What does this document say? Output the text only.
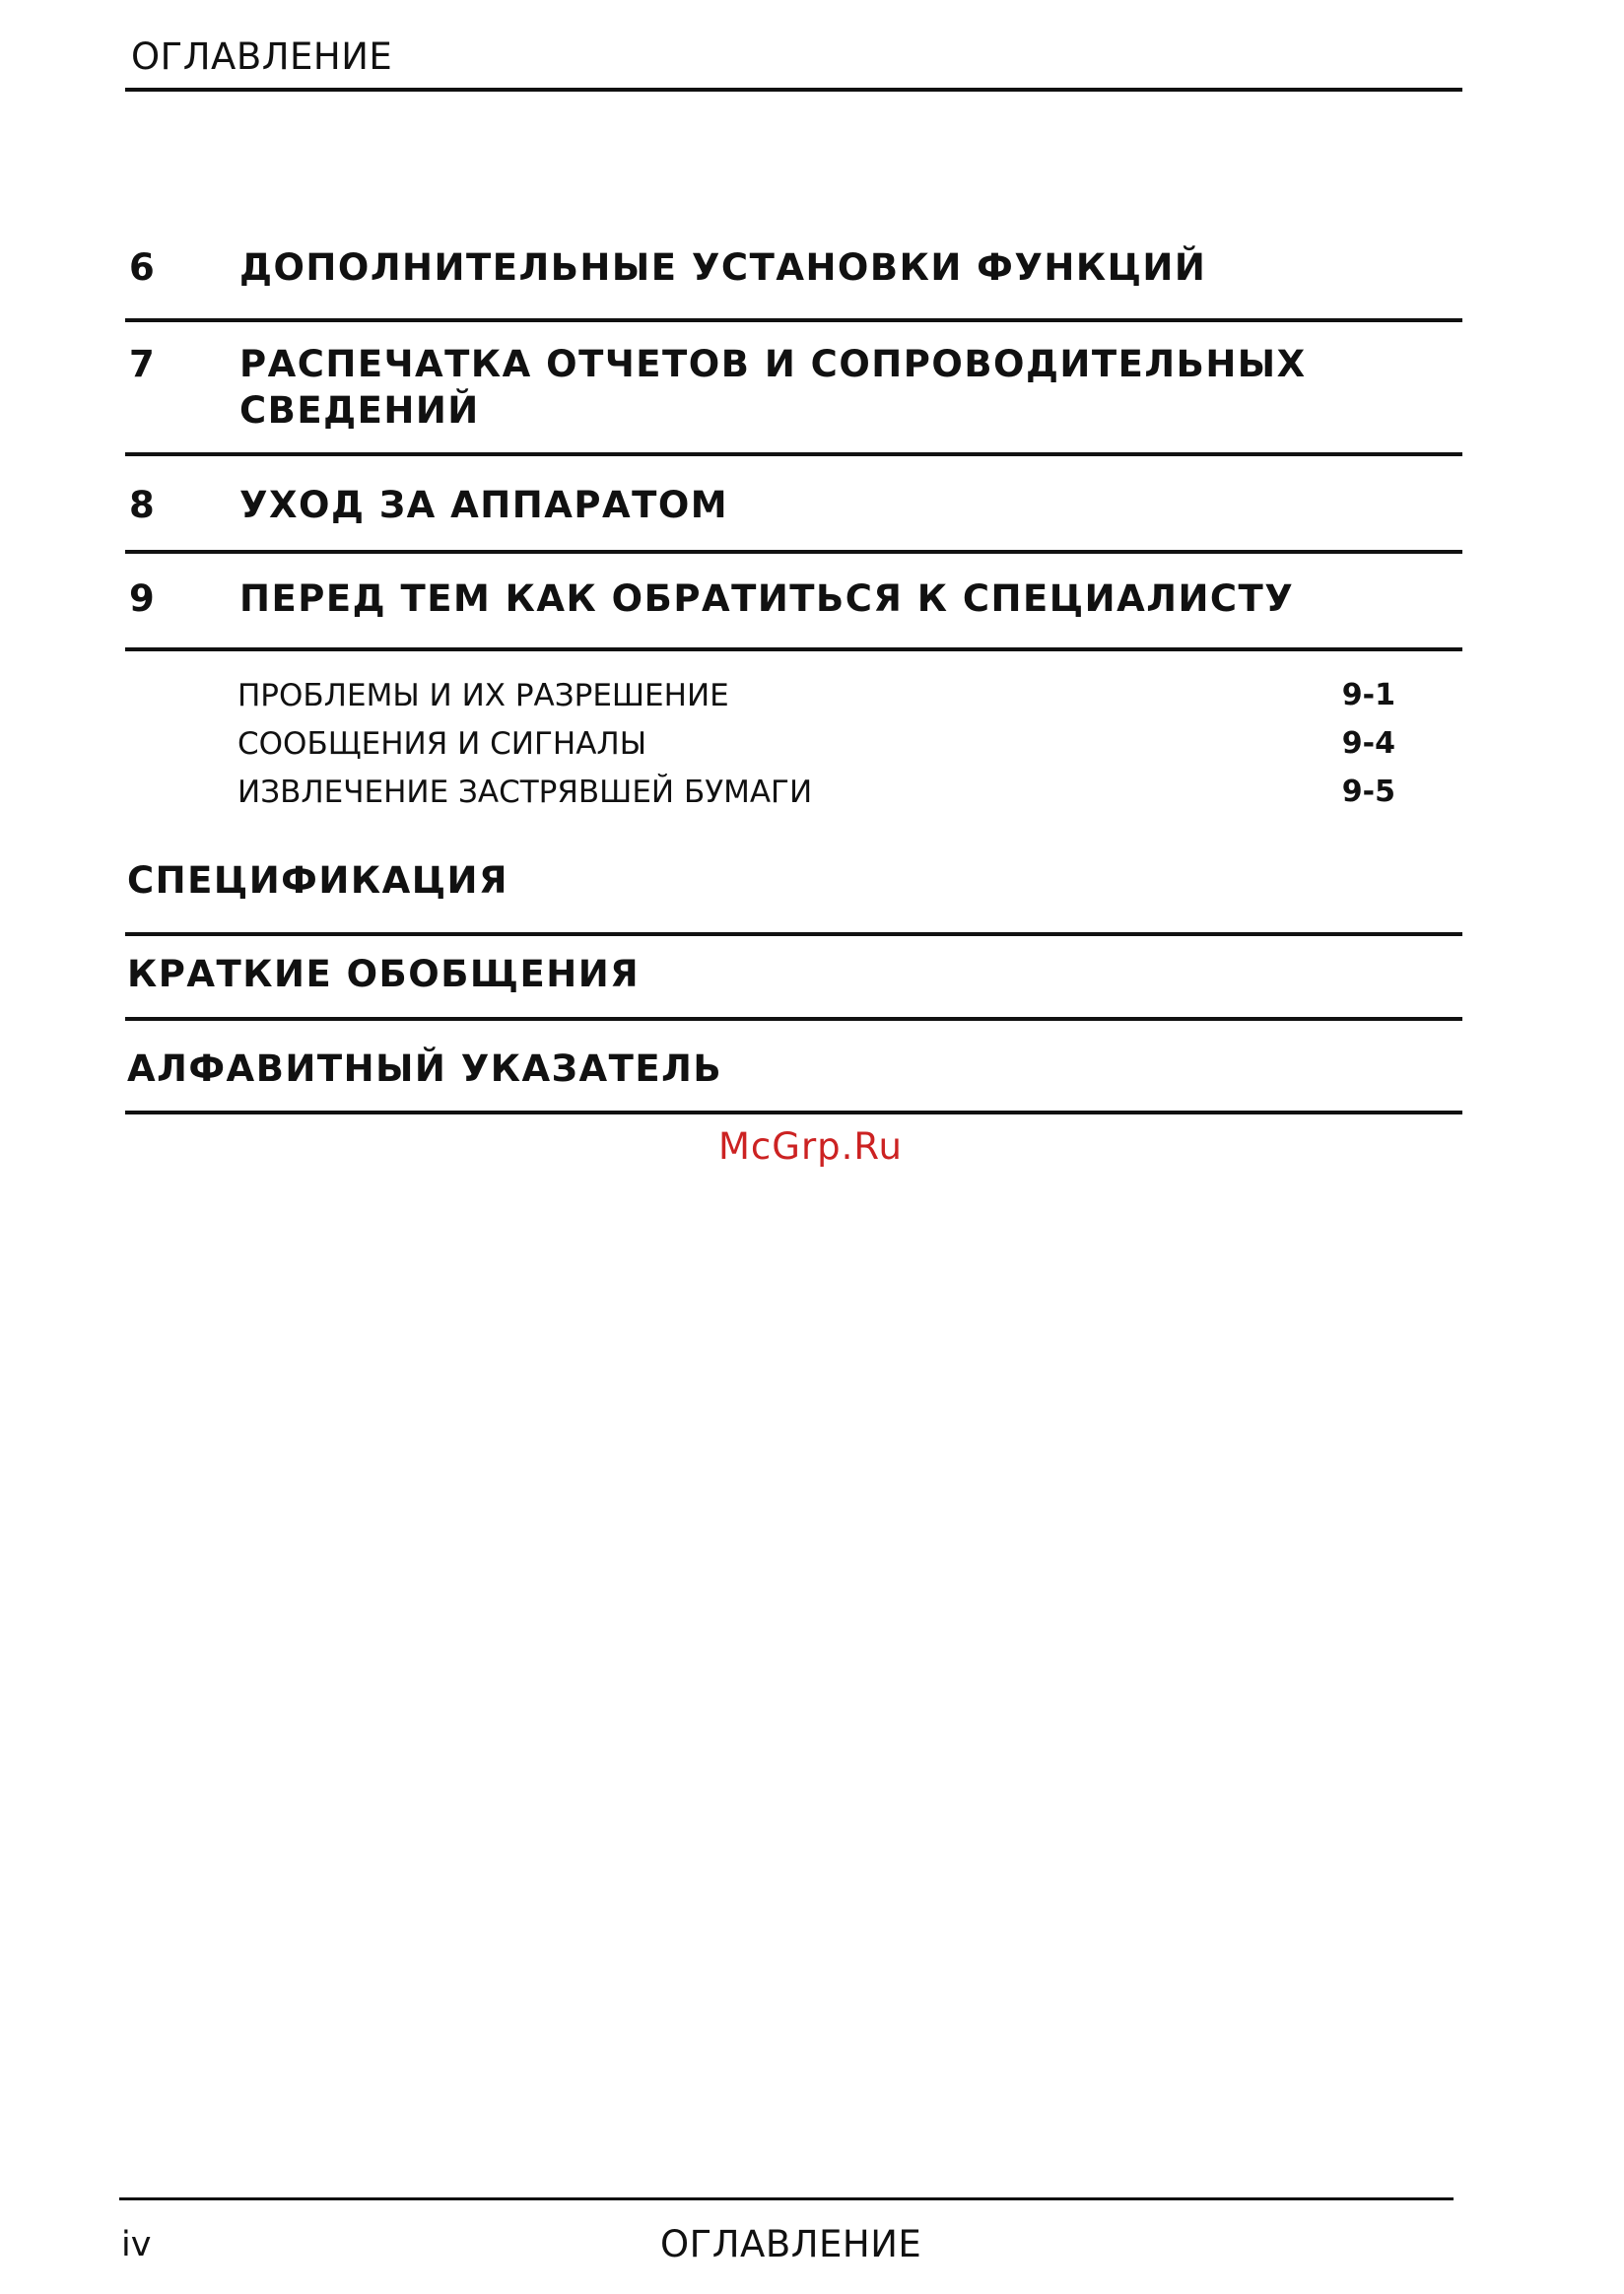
ОГЛАВЛЕНИЕ
6 ДОПОЛНИТЕЛЬНЫЕ УСТАНОВКИ ФУНКЦИЙ
7 РАСПЕЧАТКА ОТЧЕТОВ И СОПРОВОДИТЕЛЬНЫХ СВЕДЕНИЙ
8 УХОД ЗА АППАРАТОМ
9 ПЕРЕД ТЕМ КАК ОБРАТИТЬСЯ К СПЕЦИАЛИСТУ
ПРОБЛЕМЫ И ИХ РАЗРЕШЕНИЕ	9-1
СООБЩЕНИЯ И СИГНАЛЫ	9-4
ИЗВЛЕЧЕНИЕ ЗАСТРЯВШЕЙ БУМАГИ	9-5
СПЕЦИФИКАЦИЯ
КРАТКИЕ ОБОБЩЕНИЯ
АЛФАВИТНЫЙ УКАЗАТЕЛЬ
McGrp.Ru
iv	ОГЛАВЛЕНИЕ
